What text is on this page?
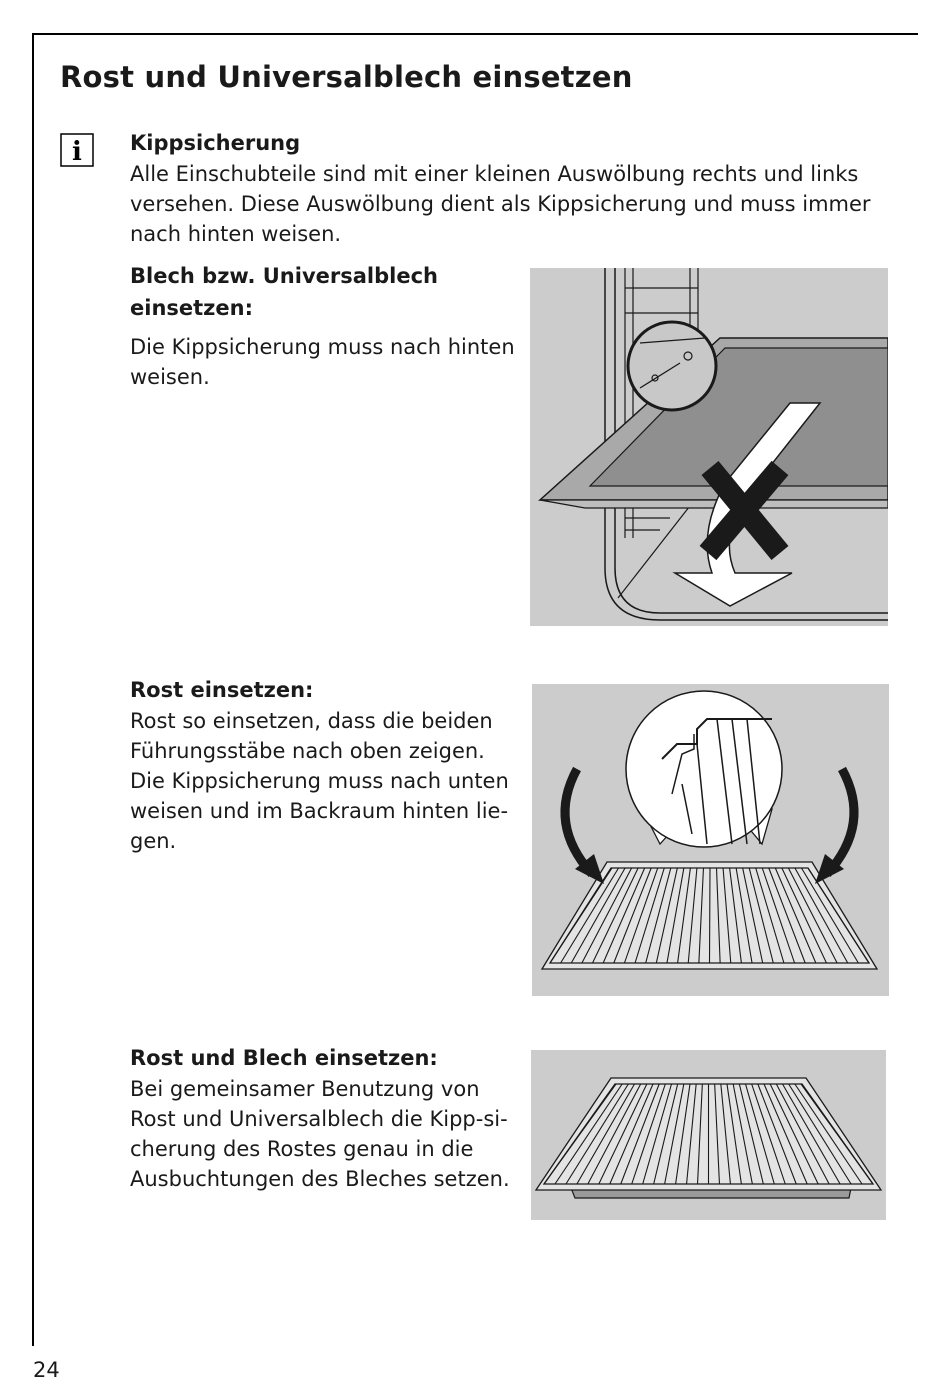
Rost und Universalblech einsetzen
i Kippsicherung

Alle Einschubteile sind mit einer kleinen Auswölbung rechts und links
versehen. Diese Auswölbung dient als Kippsicherung und muss immer
nach hinten weisen.

Blech bzw. Universalblech
einsetzen:

Die Kippsicherung muss nach hinten
weisen.

Rost einsetzen:

Rost so einsetzen, dass die beiden
Führungsstäbe nach oben zeigen.
Die Kippsicherung muss nach unten
weisen und im Backraum hinten lie-
gen.

Rost und Blech einsetzen:

Bei gemeinsamer Benutzung von
Rost und Universalblech die Kipp-si-
cherung des Rostes genau in die
Ausbuchtungen des Bleches setzen.

24
